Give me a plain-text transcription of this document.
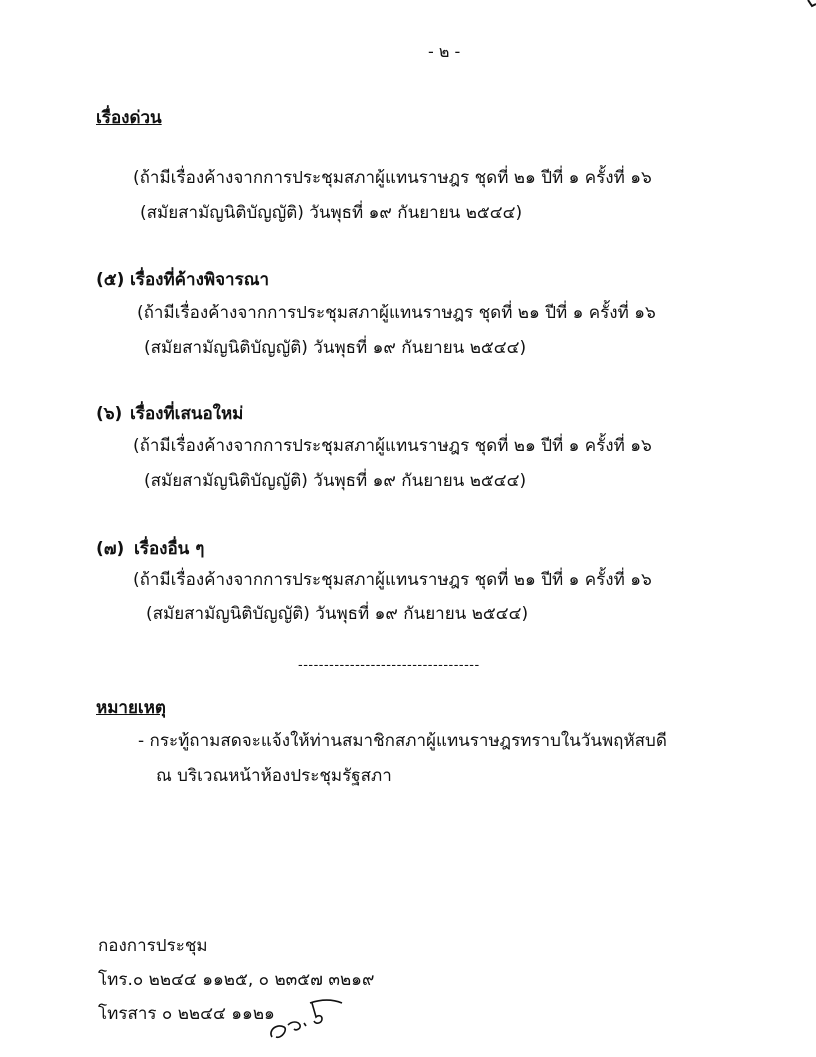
- ๒ -
เรื่องด่วน
(ถ้ามีเรื่องค้างจากการประชุมสภาผู้แทนราษฎร ชุดที่ ๒๑ ปีที่ ๑ ครั้งที่ ๑๖
(สมัยสามัญนิติบัญญัติ) วันพุธที่ ๑๙ กันยายน ๒๕๔๔)
(๕) เรื่องที่ค้างพิจารณา
(ถ้ามีเรื่องค้างจากการประชุมสภาผู้แทนราษฎร ชุดที่ ๒๑ ปีที่ ๑ ครั้งที่ ๑๖
(สมัยสามัญนิติบัญญัติ) วันพุธที่ ๑๙ กันยายน ๒๕๔๔)
(๖) เรื่องที่เสนอใหม่
(ถ้ามีเรื่องค้างจากการประชุมสภาผู้แทนราษฎร ชุดที่ ๒๑ ปีที่ ๑ ครั้งที่ ๑๖
(สมัยสามัญนิติบัญญัติ) วันพุธที่ ๑๙ กันยายน ๒๕๔๔)
(๗) เรื่องอื่น ๆ
(ถ้ามีเรื่องค้างจากการประชุมสภาผู้แทนราษฎร ชุดที่ ๒๑ ปีที่ ๑ ครั้งที่ ๑๖
(สมัยสามัญนิติบัญญัติ) วันพุธที่ ๑๙ กันยายน ๒๕๔๔)
-----------------------------------
หมายเหตุ
- กระทู้ถามสดจะแจ้งให้ท่านสมาชิกสภาผู้แทนราษฎรทราบในวันพฤหัสบดี
ณ บริเวณหน้าห้องประชุมรัฐสภา
กองการประชุม
โทร.๐ ๒๒๔๔ ๑๑๒๕, ๐ ๒๓๕๗ ๓๒๑๙
โทรสาร ๐ ๒๒๔๔ ๑๑๒๑
